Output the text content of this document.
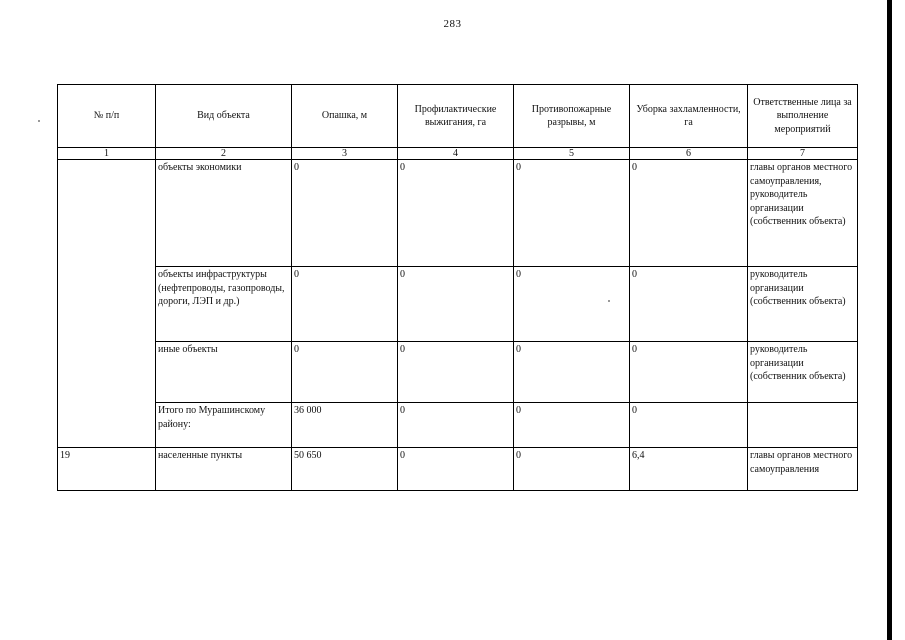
283
№ п/п	Вид объекта	Опашка, м	Профилактические выжигания, га	Противопожарные разрывы, м	Уборка захламленности, га	Ответственные лица за выполнение мероприятий
1	2	3	4	5	6	7
	объекты экономики	0	0	0	0	главы органов местного самоуправления, руководитель организации (собственник объекта)
	объекты инфраструктуры (нефтепроводы, газопроводы, дороги, ЛЭП и др.)	0	0	0	0	руководитель организации (собственник объекта)
	иные объекты	0	0	0	0	руководитель организации (собственник объекта)
	Итого по Мурашинскому району:	36 000	0	0	0	
19	населенные пункты	50 650	0	0	6,4	главы органов местного самоуправления
